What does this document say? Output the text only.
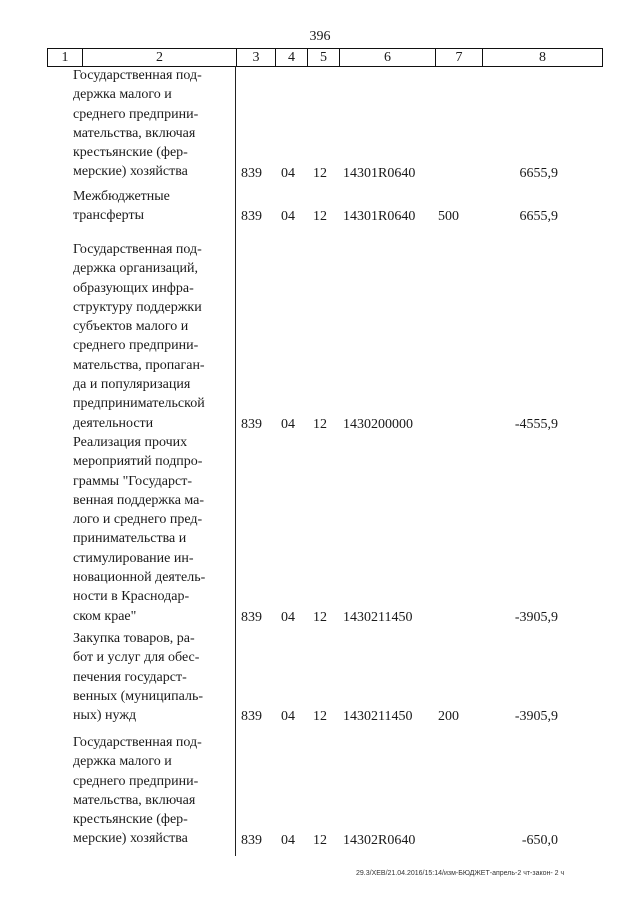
396
1	2	3	4	5	6	7	8
Государственная под-
держка малого и
среднего предприни-
мательства, включая
крестьянские (фер-
мерские) хозяйства	839 04 12 14301R0640	6655,9
Межбюджетные
трансферты	839 04 12 14301R0640 500	6655,9
Государственная под-
держка организаций,
образующих инфра-
структуру поддержки
субъектов малого и
среднего предприни-
мательства, пропаган-
да и популяризация
предпринимательской
деятельности	839 04 12 1430200000	-4555,9
Реализация прочих
мероприятий подпро-
граммы "Государст-
венная поддержка ма-
лого и среднего пред-
принимательства и
стимулирование ин-
новационной деятель-
ности в Краснодар-
ском крае"	839 04 12 1430211450	-3905,9
Закупка товаров, ра-
бот и услуг для обес-
печения государст-
венных (муниципаль-
ных) нужд	839 04 12 1430211450 200	-3905,9
Государственная под-
держка малого и
среднего предприни-
мательства, включая
крестьянские (фер-
мерские) хозяйства	839 04 12 14302R0640	-650,0
29.3/ХЕВ/21.04.2016/15:14/изм-БЮДЖЕТ-апрель-2 чт-закон- 2 ч
